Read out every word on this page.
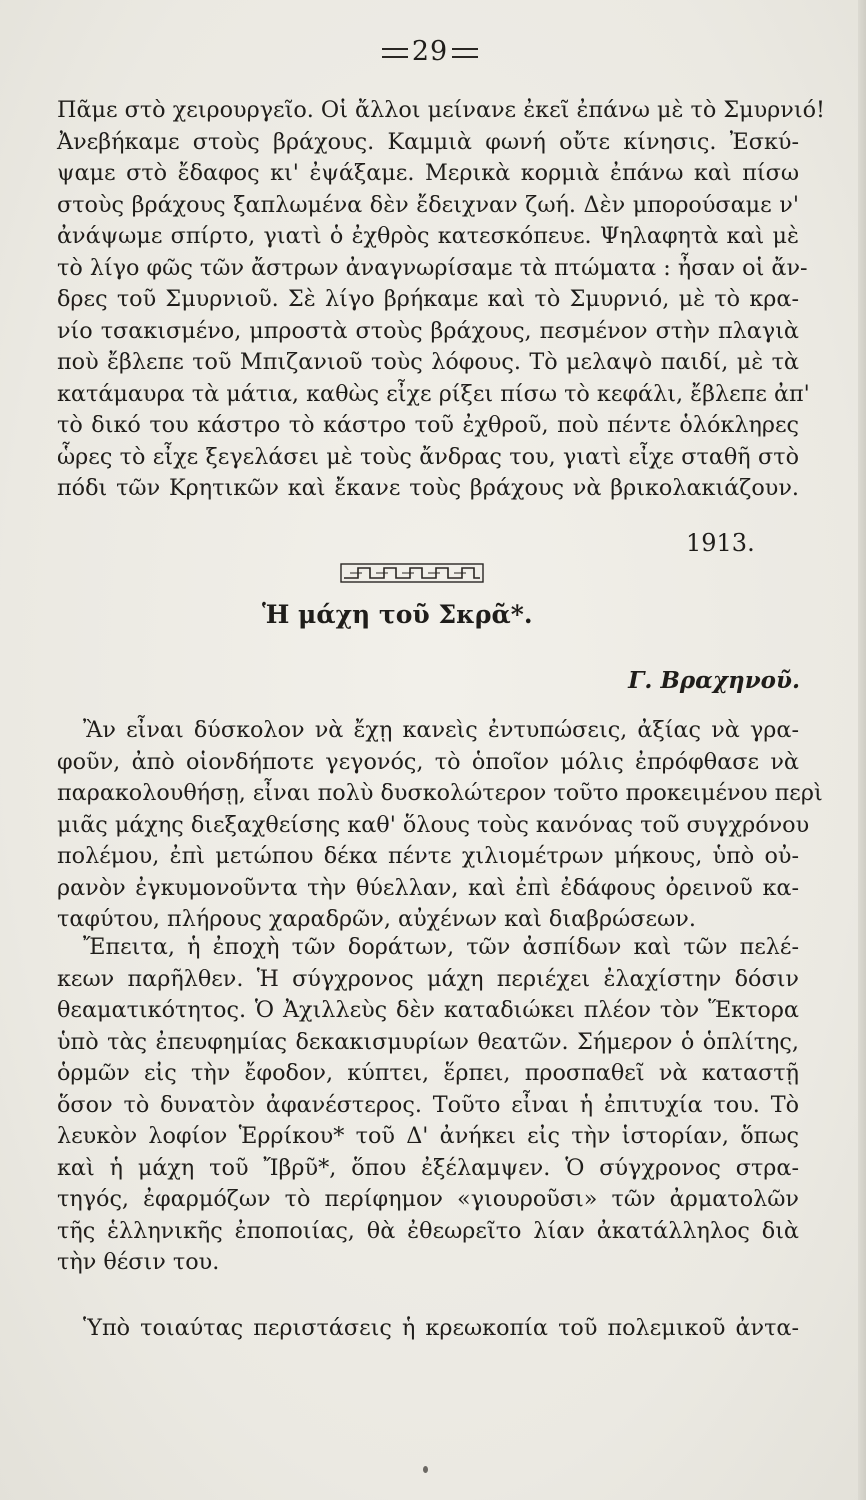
29
Πᾶμε στὸ χειρουργεῖο. Οἱ ἄλλοι μείνανε ἐκεῖ ἐπάνω μὲ τὸ Σμυρνιό!
Ἀνεβήκαμε στοὺς βράχους. Καμμιὰ φωνή οὔτε κίνησις. Ἐσκύ-
ψαμε στὸ ἔδαφος κι' ἐψάξαμε. Μερικὰ κορμιὰ ἐπάνω καὶ πίσω
στοὺς βράχους ξαπλωμένα δὲν ἔδειχναν ζωή. Δὲν μπορούσαμε ν'
ἀνάψωμε σπίρτο, γιατὶ ὁ ἐχθρὸς κατεσκόπευε. Ψηλαφητὰ καὶ μὲ
τὸ λίγο φῶς τῶν ἄστρων ἀναγνωρίσαμε τὰ πτώματα : ἦσαν οἱ ἄν-
δρες τοῦ Σμυρνιοῦ. Σὲ λίγο βρήκαμε καὶ τὸ Σμυρνιό, μὲ τὸ κρα-
νίο τσακισμένο, μπροστὰ στοὺς βράχους, πεσμένον στὴν πλαγιὰ
ποὺ ἔβλεπε τοῦ Μπιζανιοῦ τοὺς λόφους. Τὸ μελαψὸ παιδί, μὲ τὰ
κατάμαυρα τὰ μάτια, καθὼς εἶχε ρίξει πίσω τὸ κεφάλι, ἔβλεπε ἀπ'
τὸ δικό του κάστρο τὸ κάστρο τοῦ ἐχθροῦ, ποὺ πέντε ὁλόκληρες
ὧρες τὸ εἶχε ξεγελάσει μὲ τοὺς ἄνδρας του, γιατὶ εἶχε σταθῆ στὸ
πόδι τῶν Κρητικῶν καὶ ἔκανε τοὺς βράχους νὰ βρικολακιάζουν.
1913.
Ἡ μάχη τοῦ Σκρᾶ*.
Γ. Βραχηνοῦ.
Ἂν εἶναι δύσκολον νὰ ἔχῃ κανεὶς ἐντυπώσεις, ἀξίας νὰ γρα-
φοῦν, ἀπὸ οἱονδήποτε γεγονός, τὸ ὁποῖον μόλις ἐπρόφθασε νὰ
παρακολουθήσῃ, εἶναι πολὺ δυσκολώτερον τοῦτο προκειμένου περὶ
μιᾶς μάχης διεξαχθείσης καθ' ὅλους τοὺς κανόνας τοῦ συγχρόνου
πολέμου, ἐπὶ μετώπου δέκα πέντε χιλιομέτρων μήκους, ὑπὸ οὐ-
ρανὸν ἐγκυμονοῦντα τὴν θύελλαν, καὶ ἐπὶ ἐδάφους ὀρεινοῦ κα-
ταφύτου, πλήρους χαραδρῶν, αὐχένων καὶ διαβρώσεων.
Ἔπειτα, ἡ ἐποχὴ τῶν δοράτων, τῶν ἀσπίδων καὶ τῶν πελέ-
κεων παρῆλθεν. Ἡ σύγχρονος μάχη περιέχει ἐλαχίστην δόσιν
θεαματικότητος. Ὁ Ἀχιλλεὺς δὲν καταδιώκει πλέον τὸν Ἕκτορα
ὑπὸ τὰς ἐπευφημίας δεκακισμυρίων θεατῶν. Σήμερον ὁ ὁπλίτης,
ὁρμῶν εἰς τὴν ἔφοδον, κύπτει, ἕρπει, προσπαθεῖ νὰ καταστῇ
ὅσον τὸ δυνατὸν ἀφανέστερος. Τοῦτο εἶναι ἡ ἐπιτυχία του. Τὸ
λευκὸν λοφίον Ἑρρίκου* τοῦ Δ' ἀνήκει εἰς τὴν ἱστορίαν, ὅπως
καὶ ἡ μάχη τοῦ Ἴβρῦ*, ὅπου ἐξέλαμψεν. Ὁ σύγχρονος στρα-
τηγός, ἐφαρμόζων τὸ περίφημον «γιουροῦσι» τῶν ἀρματολῶν
τῆς ἑλληνικῆς ἐποποιίας, θὰ ἐθεωρεῖτο λίαν ἀκατάλληλος διὰ
τὴν θέσιν του.
Ὑπὸ τοιαύτας περιστάσεις ἡ κρεωκοπία τοῦ πολεμικοῦ ἀντα-
